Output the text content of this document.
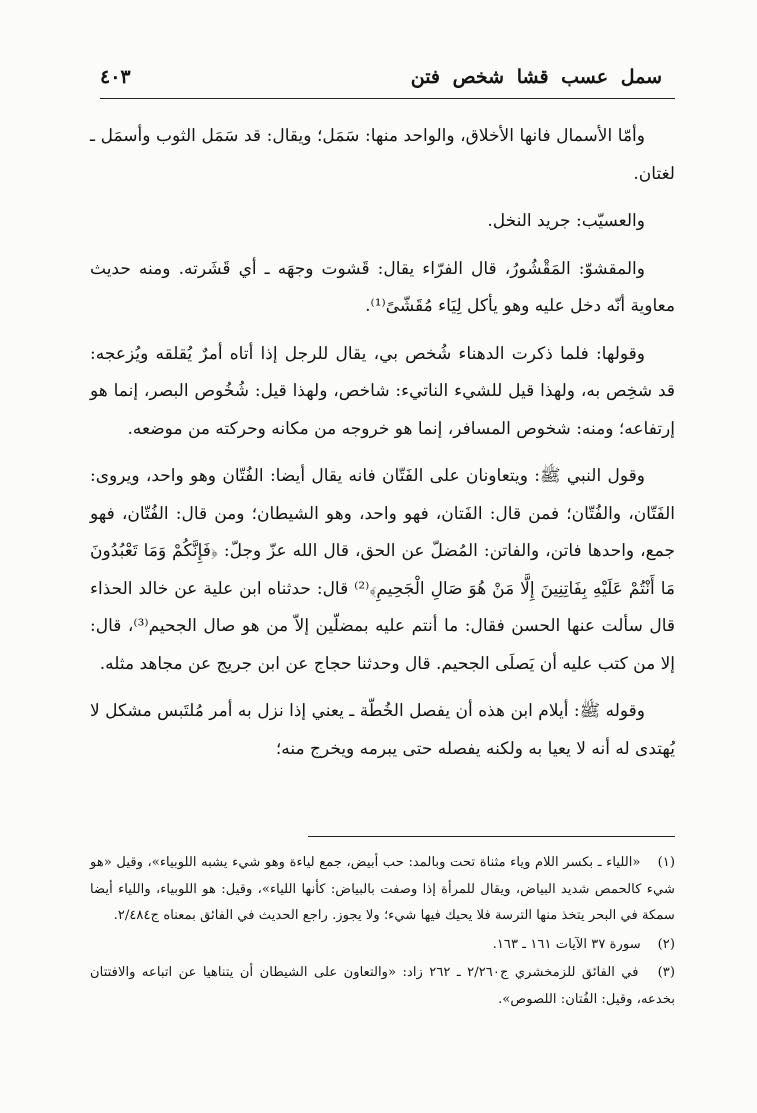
سمل عسب قشا شخص فتن
٤٠٣

وأمّا الأسمال فانها الأخلاق، والواحد منها: سَمَل؛ ويقال: قد سَمَل الثوب وأسمَل ـ لغتان.

والعسيّب: جريد النخل.

والمقشوّ: المَقْشُورُ، قال الفرّاء يقال: قَشوت وجهَه ـ أي قَشَرته. ومنه حديث معاوية أنّه دخل عليه وهو يأكل لِيَاء مُقَشّىً⁽¹⁾.

وقولها: فلما ذكرت الدهناء شُخص بي، يقال للرجل إذا أتاه أمرٌ يُقلقه ويُزعجه: قد شخِص به، ولهذا قيل للشيء الناتيء: شاخص، ولهذا قيل: شُخُوص البصر، إنما هو إرتفاعه؛ ومنه: شخوص المسافر، إنما هو خروجه من مكانه وحركته من موضعه.

وقول النبي ﷺ: ويتعاونان على الفَتّان فانه يقال أيضا: الفُتّان وهو واحد، ويروى: الفَتّان، والفُتّان؛ فمن قال: الفَتان، فهو واحد، وهو الشيطان؛ ومن قال: الفُتّان، فهو جمع، واحدها فاتن، والفاتن: المُضلّ عن الحق، قال الله عزّ وجلّ: ﴿فَإِنَّكُمْ وَمَا تَعْبُدُونَ مَا أَنْتُمْ عَلَيْهِ بِفَاتِنِينَ إِلَّا مَنْ هُوَ صَالِ الْجَحِيمِ﴾⁽²⁾ قال: حدثناه ابن علية عن خالد الحذاء قال سألت عنها الحسن فقال: ما أنتم عليه بمضلّين إلاّ من هو صال الجحيم⁽³⁾، قال: إلا من كتب عليه أن يَصلَى الجحيم. قال وحدثنا حجاج عن ابن جريج عن مجاهد مثله.

وقوله ﷺ: أيلام ابن هذه أن يفصل الخُطّة ـ يعني إذا نزل به أمر مُلتَبس مشكل لا يُهتدى له أنه لا يعيا به ولكنه يفصله حتى يبرمه ويخرج منه؛

(١) «اللياء ـ بكسر اللام وياء مثناة تحت وبالمد: حب أبيض، جمع لياءة وهو شيء يشبه اللوبياء»، وقيل «هو شيء كالحمص شديد البياض، ويقال للمرأة إذا وصفت بالبياض: كأنها اللياء»، وقيل: هو اللوبياء، واللياء أيضا سمكة في البحر يتخذ منها الترسة فلا يحيك فيها شيء؛ ولا يجوز. راجع الحديث في الفائق بمعناه ج٢/٤٨٤.

(٢) سورة ٣٧ الآيات ١٦١ ـ ١٦٣.

(٣) في الفائق للزمخشري ج٢/٢٦٠ ـ ٢٦٢ زاد: «والتعاون على الشيطان أن يتناهيا عن اتباعه والافتتان بخدعه، وقيل: الفُتان: اللصوص».
